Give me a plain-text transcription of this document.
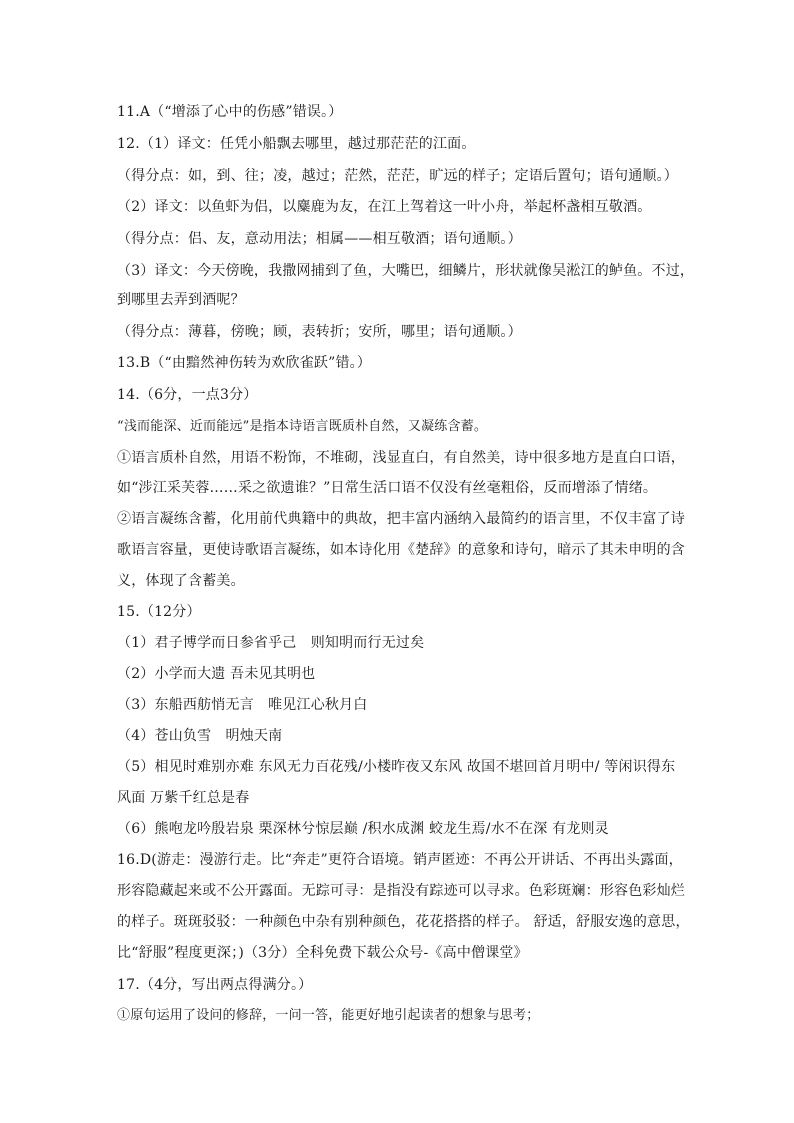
11.A（“增添了心中的伤感”错误。）
12.（1）译文：任凭小船飘去哪里，越过那茫茫的江面。
（得分点：如，到、往；凌，越过；茫然，茫茫，旷远的样子；定语后置句；语句通顺。）
（2）译文：以鱼虾为侣，以麋鹿为友，在江上驾着这一叶小舟，举起杯盏相互敬酒。
（得分点：侣、友，意动用法；相属——相互敬酒；语句通顺。）
（3）译文：今天傍晚，我撒网捕到了鱼，大嘴巴，细鳞片，形状就像吴淞江的鲈鱼。不过，
到哪里去弄到酒呢？
（得分点：薄暮，傍晚；顾，表转折；安所，哪里；语句通顺。）
13.B（“由黯然神伤转为欢欣雀跃”错。）
14.（6分，一点3分）
“浅而能深、近而能远”是指本诗语言既质朴自然，又凝练含蓄。
①语言质朴自然，用语不粉饰，不堆砌，浅显直白，有自然美，诗中很多地方是直白口语，
如“涉江采芙蓉……采之欲遗谁？”日常生活口语不仅没有丝毫粗俗，反而增添了情绪。
②语言凝练含蓄，化用前代典籍中的典故，把丰富内涵纳入最简约的语言里，不仅丰富了诗
歌语言容量，更使诗歌语言凝练，如本诗化用《楚辞》的意象和诗句，暗示了其未申明的含
义，体现了含蓄美。
15.（12分）
（1）君子博学而日参省乎己　则知明而行无过矣
（2）小学而大遗 吾未见其明也
（3）东船西舫悄无言　唯见江心秋月白
（4）苍山负雪　明烛天南
（5）相见时难别亦难 东风无力百花残/小楼昨夜又东风 故国不堪回首月明中/ 等闲识得东
风面 万紫千红总是春
（6）熊咆龙吟殷岩泉 栗深林兮惊层巅 /积水成渊 蛟龙生焉/水不在深 有龙则灵
16.D(游走：漫游行走。比“奔走”更符合语境。销声匿迹：不再公开讲话、不再出头露面，
形容隐藏起来或不公开露面。无踪可寻：是指没有踪迹可以寻求。色彩斑斓：形容色彩灿烂
的样子。斑斑驳驳：一种颜色中杂有别种颜色，花花搭搭的样子。 舒适，舒服安逸的意思，
比“舒服”程度更深；)（3分）全科免费下载公众号-《高中僧课堂》
17.（4分，写出两点得满分。）
①原句运用了设问的修辞，一问一答，能更好地引起读者的想象与思考；
